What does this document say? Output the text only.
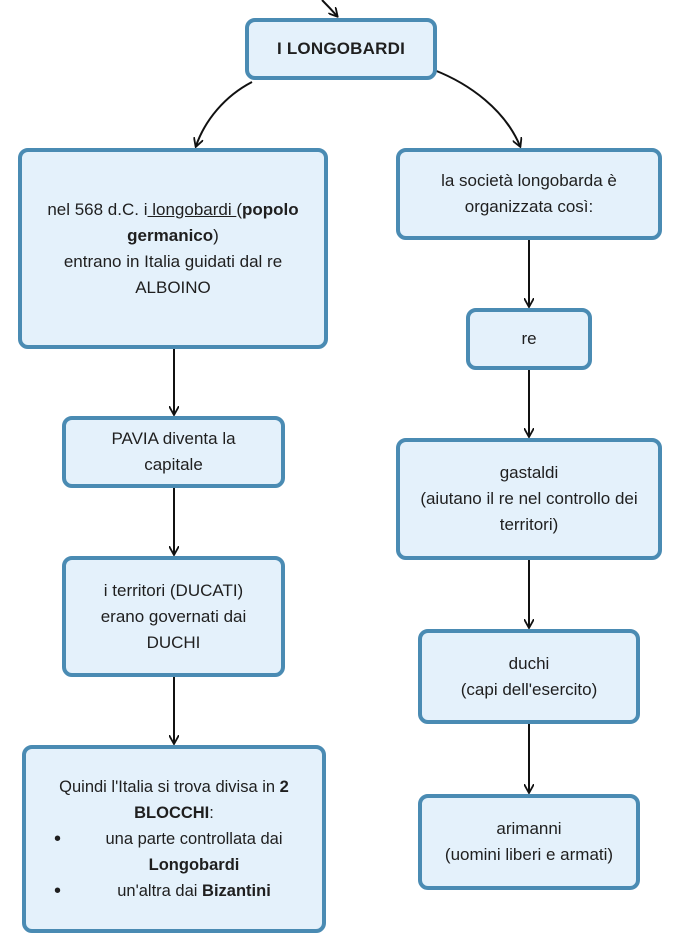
I LONGOBARDI
nel 568 d.C. i longobardi (popolo germanico)
entrano in Italia guidati dal re
ALBOINO
PAVIA diventa la capitale
i territori (DUCATI)
erano governati dai
DUCHI
Quindi l'Italia si trova divisa in 2 BLOCCHI:
• una parte controllata dai Longobardi
• un'altra dai Bizantini
la società longobarda è organizzata così:
re
gastaldi
(aiutano il re nel controllo dei territori)
duchi
(capi dell'esercito)
arimanni
(uomini liberi e armati)
